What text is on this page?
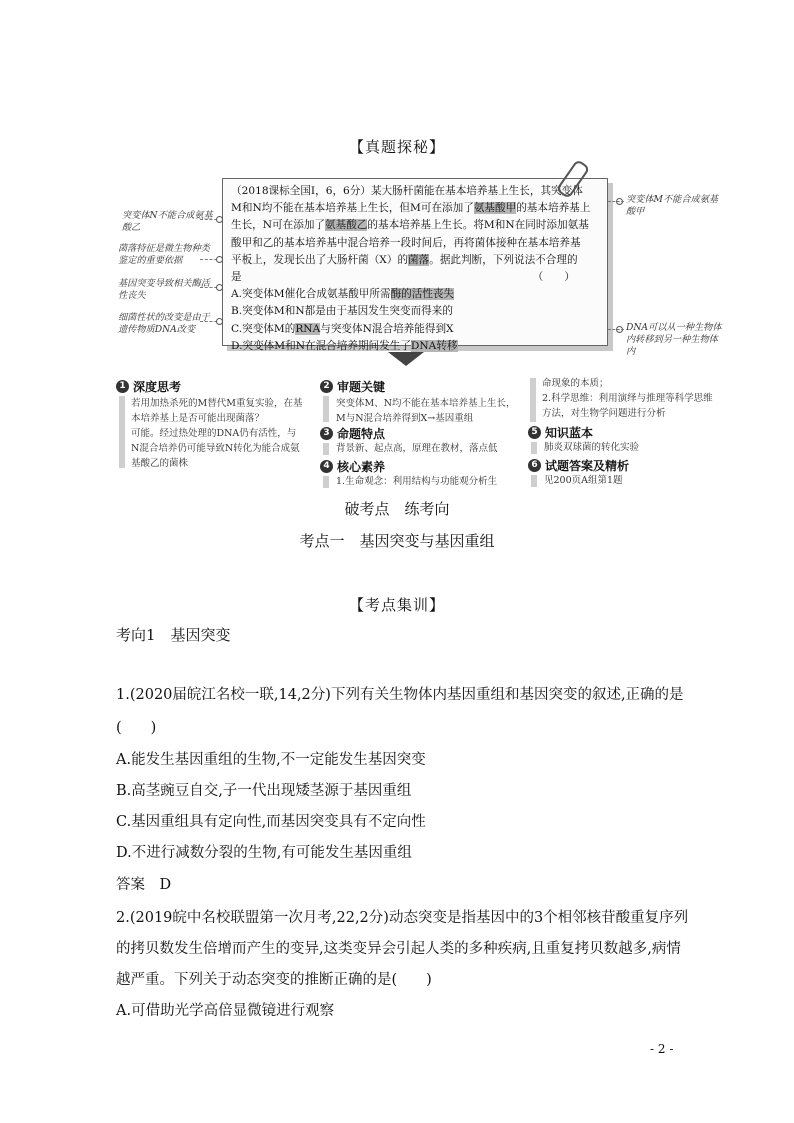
【真题探秘】
（2018课标全国Ⅰ，6，6分）某大肠杆菌能在基本培养基上生长，其突变体
M和N均不能在基本培养基上生长，但M可在添加了氨基酸甲的基本培养基上
生长，N可在添加了氨基酸乙的基本培养基上生长。将M和N在同时添加氨基
酸甲和乙的基本培养基中混合培养一段时间后，再将菌体接种在基本培养基
平板上，发现长出了大肠杆菌（X）的菌落。据此判断，下列说法不合理的
是	（　　）
A.突变体M催化合成氨基酸甲所需酶的活性丧失
B.突变体M和N都是由于基因发生突变而得来的
C.突变体M的RNA与突变体N混合培养能得到X
D.突变体M和N在混合培养期间发生了DNA转移
突变体N不能合成氨基酸乙
菌落特征是微生物种类鉴定的重要依据
基因突变导致相关酶活性丧失
细菌性状的改变是由于遗传物质DNA改变
突变体M不能合成氨基酸甲
DNA可以从一种生物体内转移到另一种生物体内
1 深度思考
若用加热杀死的M替代M重复实验，在基
本培养基上是否可能出现菌落？
可能。经过热处理的DNA仍有活性，与
N混合培养仍可能导致N转化为能合成氨
基酸乙的菌株
2 审题关键
突变体M、N均不能在基本培养基上生长，
M与N混合培养得到X→基因重组
3 命题特点
背景新、起点高，原理在教材，落点低
4 核心素养
1.生命观念：利用结构与功能观分析生
命现象的本质；
2.科学思维：利用演绎与推理等科学思维
方法，对生物学问题进行分析
5 知识蓝本
肺炎双球菌的转化实验
6 试题答案及精析
见200页A组第1题
破考点　练考向
考点一　基因突变与基因重组
【考点集训】
考向1　基因突变
1.(2020届皖江名校一联,14,2分)下列有关生物体内基因重组和基因突变的叙述,正确的是
(　　)
A.能发生基因重组的生物,不一定能发生基因突变
B.高茎豌豆自交,子一代出现矮茎源于基因重组
C.基因重组具有定向性,而基因突变具有不定向性
D.不进行减数分裂的生物,有可能发生基因重组
答案　D
2.(2019皖中名校联盟第一次月考,22,2分)动态突变是指基因中的3个相邻核苷酸重复序列
的拷贝数发生倍增而产生的变异,这类变异会引起人类的多种疾病,且重复拷贝数越多,病情
越严重。下列关于动态突变的推断正确的是(　　)
A.可借助光学高倍显微镜进行观察
- 2 -
